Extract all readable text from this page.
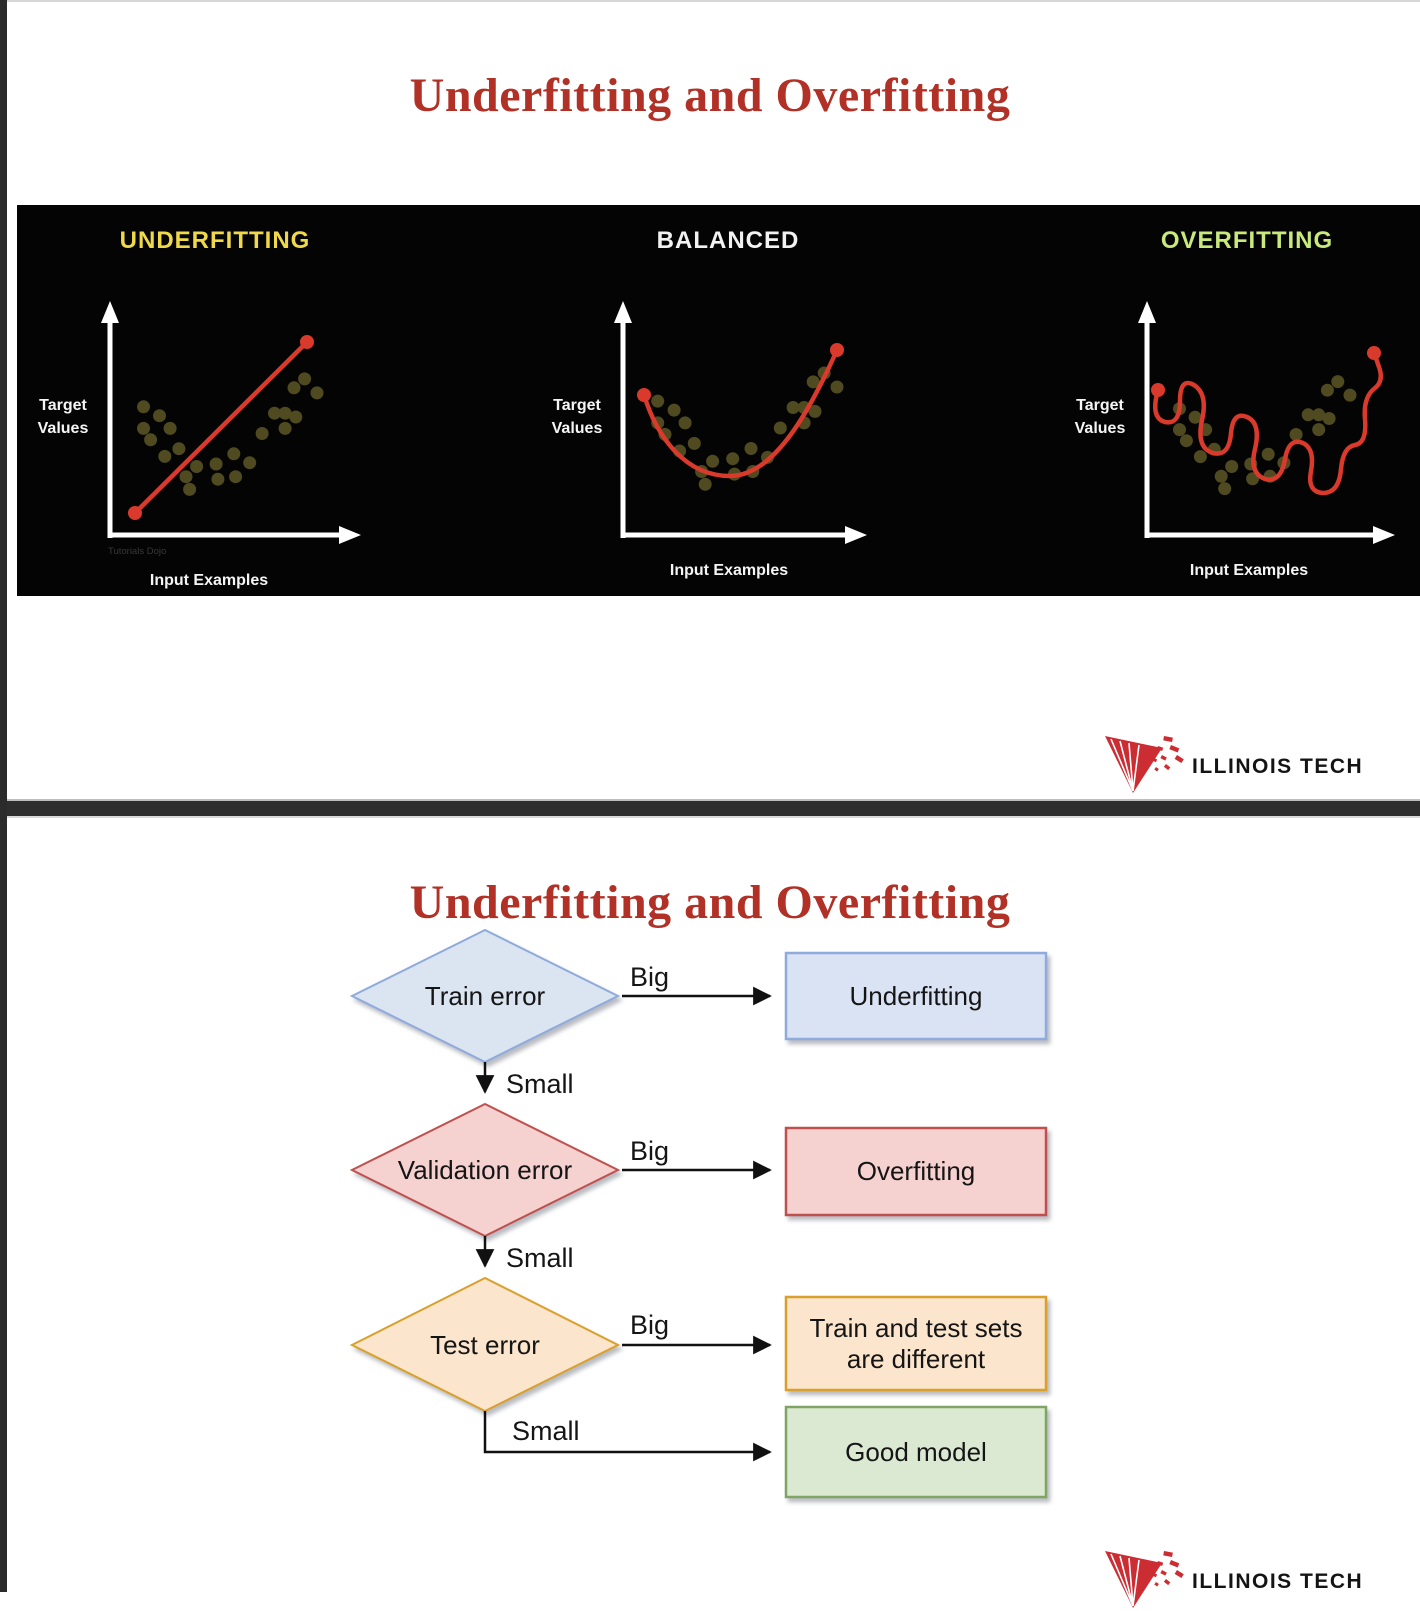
Underfitting and Overfitting
UNDERFITTING
Target
Values
Input Examples
Tutorials Dojo
BALANCED
Target
Values
Input Examples
OVERFITTING
Target
Values
Input Examples
ILLINOIS TECH
Underfitting and Overfitting
Train error
Validation error
Test error
Underfitting
Overfitting
Train and test sets
are different
Good model
Big
Small
Big
Small
Big
Small
ILLINOIS TECH
